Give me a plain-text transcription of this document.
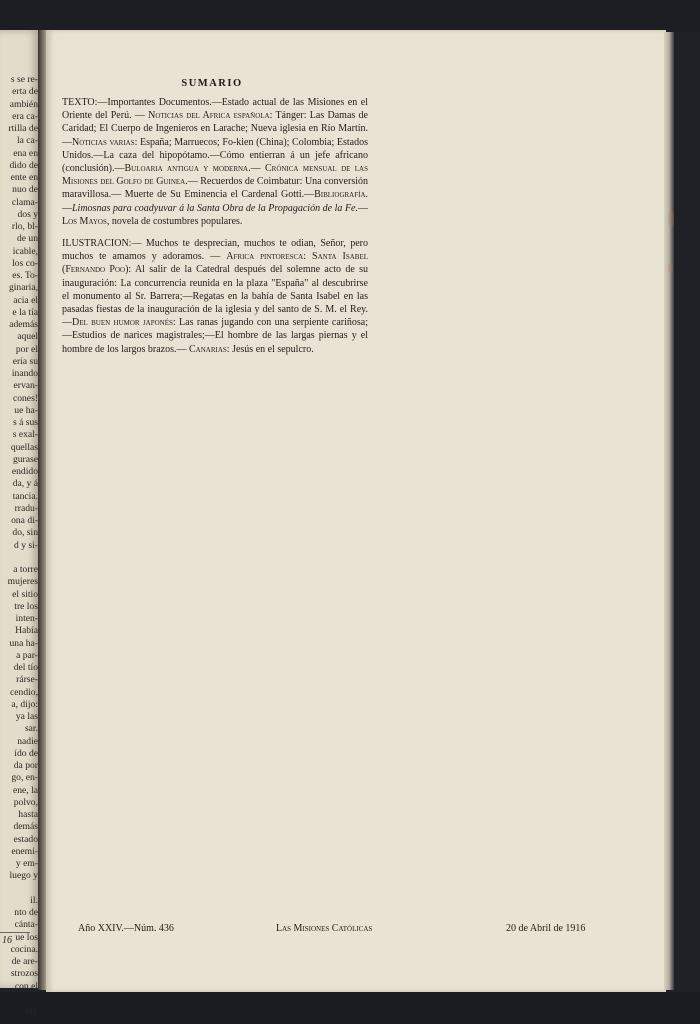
s se re-
erta de
ambién
era ca-
rtilla de
la ca-
ena en
dido de
ente en
nuo de
clama-
dos y
rlo, bl-
de un
icable,
los co-
es. To-
ginaria,
acia el
e la tía
además
aquel
por el
ería su
inando
ervan-
cones!
ue ha-
s á sus
s exal-
quellas
gurase
endido
da, y á
tancia.
rradu-
ona di-
do, sin
d y si-
a torre
mujeres
el sitio
tre los
inten-
Había
una ha-
a par-
del tío
rárse-
cendio,
a, dijo:
ya las
sar.
nadie
ído de
da por
go, en-
ene, la
polvo,
hasta
demás
estado
enemi-
y em-
luego y
il.
nto de
cánta-
ue los
cocina.
de are-
strozos
con el
rá).
16
SUMARIO

TEXTO:—Importantes Documentos.—Estado actual de las Misiones en el Oriente del Perú. — Noticias del Africa española: Tánger: Las Damas de Caridad; El Cuerpo de Ingenieros en Larache; Nueva iglesia en Río Martín.—Noticias varias: España; Marruecos; Fo-kien (China); Colombia; Estados Unidos.—La caza del hipopótamo.—Cómo entierran á un jefe africano (conclusión).—Buloaria antigua y moderna.— Crónica mensual de las Misiones del Golfo de Guinea.— Recuerdos de Coimbatur: Una conversión maravillosa.— Muerte de Su Eminencia el Cardenal Gotti.—Bibliografía.—Limosnas para coadyuvar á la Santa Obra de la Propagación de la Fe.—Los Mayos, novela de costumbres populares.

ILUSTRACION:— Muchos te desprecian, muchos te odian, Señor, pero muchos te amamos y adoramos. — Africa pintoresca: Santa Isabel (Fernando Poo): Al salir de la Catedral después del solemne acto de su inauguración: La concurrencia reunida en la plaza "España" al descubrirse el monumento al Sr. Barrera;—Regatas en la bahía de Santa Isabel en las pasadas fiestas de la inauguración de la iglesia y del santo de S. M. el Rey. —Del buen humor japonés: Las ranas jugando con una serpiente cariñosa;—Estudios de narices magistrales;—El hombre de las largas piernas y el hombre de los largos brazos.— Canarias: Jesús en el sepulcro.

Año XXIV.—Núm. 436	Las Misiones Católicas	20 de Abril de 1916
